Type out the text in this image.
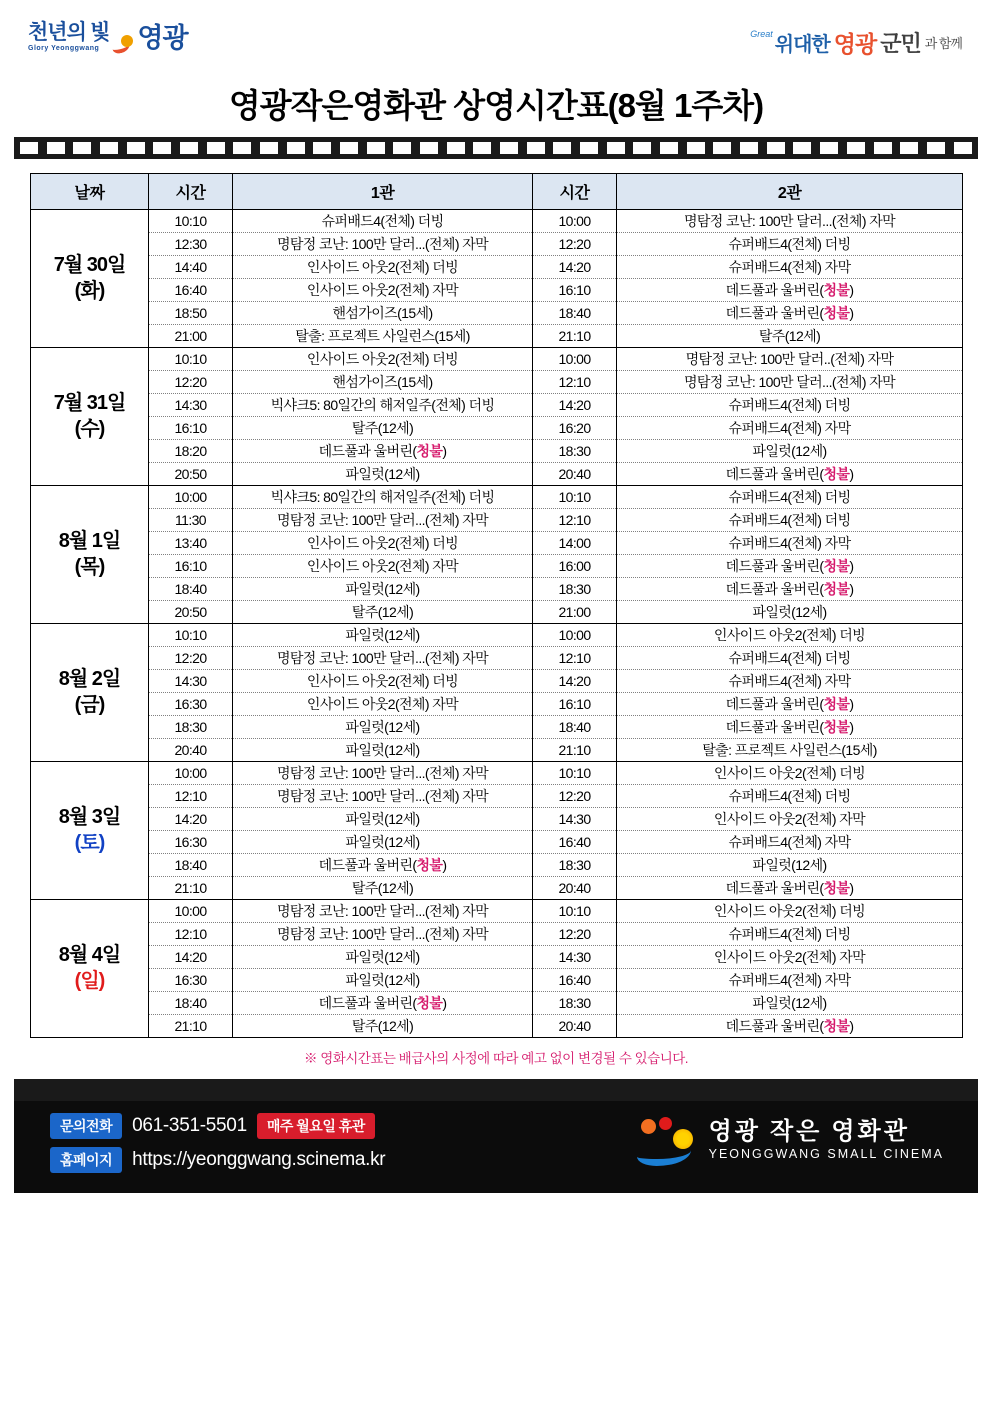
천년의 빛
Glory Yeonggwang	영광	Great
위대한 영광 군민 과 함께
영광작은영화관 상영시간표(8월 1주차)
날짜	시간	1관	시간	2관

7월 30일
(화)	10:10	슈퍼배드4(전체) 더빙	10:00	명탐정 코난: 100만 달러...(전체) 자막
	12:30	명탐정 코난: 100만 달러...(전체) 자막	12:20	슈퍼배드4(전체) 더빙
	14:40	인사이드 아웃2(전체) 더빙	14:20	슈퍼배드4(전체) 자막
	16:40	인사이드 아웃2(전체) 자막	16:10	데드풀과 울버린(청불)
	18:50	핸섬가이즈(15세)	18:40	데드풀과 울버린(청불)
	21:00	탈출: 프로젝트 사일런스(15세)	21:10	탈주(12세)

7월 31일
(수)	10:10	인사이드 아웃2(전체) 더빙	10:00	명탐정 코난: 100만 달러..(전체) 자막
	12:20	핸섬가이즈(15세)	12:10	명탐정 코난: 100만 달러...(전체) 자막
	14:30	빅샤크5: 80일간의 해저일주(전체) 더빙	14:20	슈퍼배드4(전체) 더빙
	16:10	탈주(12세)	16:20	슈퍼배드4(전체) 자막
	18:20	데드풀과 울버린(청불)	18:30	파일럿(12세)
	20:50	파일럿(12세)	20:40	데드풀과 울버린(청불)

8월 1일
(목)	10:00	빅샤크5: 80일간의 해저일주(전체) 더빙	10:10	슈퍼배드4(전체) 더빙
	11:30	명탐정 코난: 100만 달러...(전체) 자막	12:10	슈퍼배드4(전체) 더빙
	13:40	인사이드 아웃2(전체) 더빙	14:00	슈퍼배드4(전체) 자막
	16:10	인사이드 아웃2(전체) 자막	16:00	데드풀과 울버린(청불)
	18:40	파일럿(12세)	18:30	데드풀과 울버린(청불)
	20:50	탈주(12세)	21:00	파일럿(12세)

8월 2일
(금)	10:10	파일럿(12세)	10:00	인사이드 아웃2(전체) 더빙
	12:20	명탐정 코난: 100만 달러...(전체) 자막	12:10	슈퍼배드4(전체) 더빙
	14:30	인사이드 아웃2(전체) 더빙	14:20	슈퍼배드4(전체) 자막
	16:30	인사이드 아웃2(전체) 자막	16:10	데드풀과 울버린(청불)
	18:30	파일럿(12세)	18:40	데드풀과 울버린(청불)
	20:40	파일럿(12세)	21:10	탈출: 프로젝트 사일런스(15세)

8월 3일
(토)	10:00	명탐정 코난: 100만 달러...(전체) 자막	10:10	인사이드 아웃2(전체) 더빙
	12:10	명탐정 코난: 100만 달러...(전체) 자막	12:20	슈퍼배드4(전체) 더빙
	14:20	파일럿(12세)	14:30	인사이드 아웃2(전체) 자막
	16:30	파일럿(12세)	16:40	슈퍼배드4(전체) 자막
	18:40	데드풀과 울버린(청불)	18:30	파일럿(12세)
	21:10	탈주(12세)	20:40	데드풀과 울버린(청불)

8월 4일
(일)	10:00	명탐정 코난: 100만 달러...(전체) 자막	10:10	인사이드 아웃2(전체) 더빙
	12:10	명탐정 코난: 100만 달러...(전체) 자막	12:20	슈퍼배드4(전체) 더빙
	14:20	파일럿(12세)	14:30	인사이드 아웃2(전체) 자막
	16:30	파일럿(12세)	16:40	슈퍼배드4(전체) 자막
	18:40	데드풀과 울버린(청불)	18:30	파일럿(12세)
	21:10	탈주(12세)	20:40	데드풀과 울버린(청불)
※ 영화시간표는 배급사의 사정에 따라 예고 없이 변경될 수 있습니다.
문의전화	061-351-5501	매주 월요일 휴관
홈페이지	https://yeonggwang.scinema.kr
영광 작은 영화관
YEONGGWANG SMALL CINEMA
